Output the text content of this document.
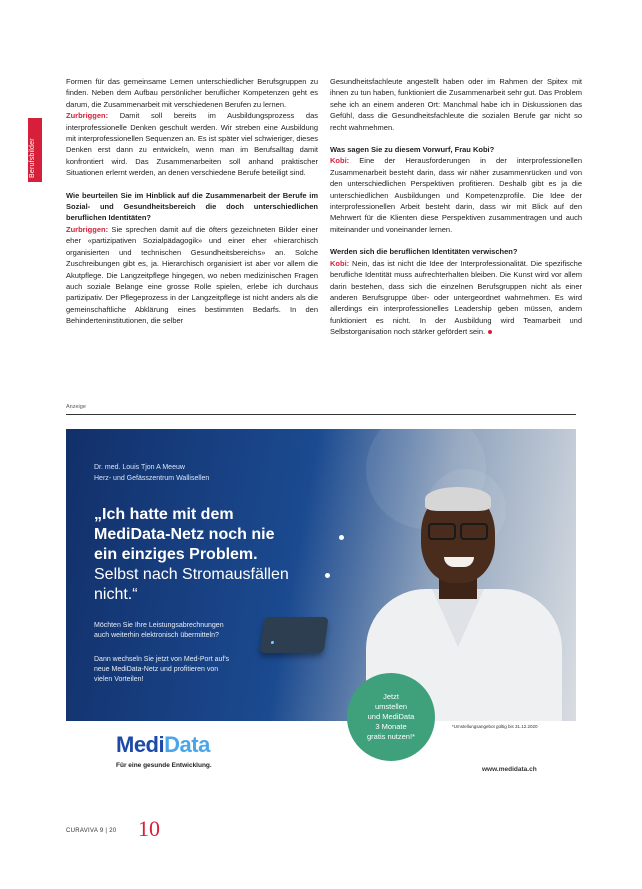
Berufsbilder

Formen für das gemeinsame Lernen unterschiedlicher Berufsgruppen zu finden. Neben dem Aufbau persönlicher beruflicher Kompetenzen geht es darum, die Zusammenarbeit mit verschiedenen Berufen zu lernen.

Zurbriggen: Damit soll bereits im Ausbildungsprozess das interprofessionelle Denken geschult werden. Wir streben eine Ausbildung mit interprofessionellen Sequenzen an. Es ist später viel schwieriger, dieses Denken erst dann zu entwickeln, wenn man im Berufsalltag damit konfrontiert wird. Das Zusammenarbeiten soll anhand praktischer Situationen erlernt werden, an denen verschiedene Berufe beteiligt sind.

Wie beurteilen Sie im Hinblick auf die Zusammenarbeit der Berufe im Sozial- und Gesundheitsbereich die doch unterschiedlichen beruflichen Identitäten?

Zurbriggen: Sie sprechen damit auf die öfters gezeichneten Bilder einer eher «partizipativen Sozialpädagogik» und einer eher «hierarchisch organisierten und technischen Gesundheitsbereichs» an. Solche Zuschreibungen gibt es, ja. Hierarchisch organisiert ist aber vor allem die Akutpflege. Die Langzeitpflege hingegen, wo neben medizinischen Fragen auch soziale Belange eine grosse Rolle spielen, erlebe ich durchaus partizipativ. Der Pflegeprozess in der Langzeitpflege ist nicht anders als die gemeinschaftliche Abklärung eines bestimmten Bedarfs. In den Behinderteninstitutionen, die selber

Gesundheitsfachleute angestellt haben oder im Rahmen der Spitex mit ihnen zu tun haben, funktioniert die Zusammenarbeit sehr gut. Das Problem sehe ich an einem anderen Ort: Manchmal habe ich in Diskussionen das Gefühl, dass die Gesundheitsfachleute die sozialen Berufe gar nicht so recht wahrnehmen.

Was sagen Sie zu diesem Vorwurf, Frau Kobi?

Kobi: Eine der Herausforderungen in der interprofessionellen Zusammenarbeit besteht darin, dass wir näher zusammenrücken und von den unterschiedlichen Perspektiven profitieren. Deshalb gibt es ja die unterschiedlichen Ausbildungen und Kompetenzprofile. Die Idee der interprofessionellen Arbeit besteht darin, dass wir mit Blick auf den Mehrwert für die Klienten diese Perspektiven zusammentragen und auch miteinander und voneinander lernen.

Werden sich die beruflichen Identitäten verwischen?

Kobi: Nein, das ist nicht die Idee der Interprofessionalität. Die spezifische berufliche Identität muss aufrechterhalten bleiben. Die Kunst wird vor allem darin bestehen, dass sich die einzelnen Berufsgruppen nicht als einer anderen Berufsgruppe über- oder untergeordnet wahrnehmen. Es wird allerdings ein interprofessionelles Leadership geben müssen, andern funktioniert es nicht. In der Ausbildung wird Teamarbeit und Selbstorganisation noch stärker gefördert sein.

Anzeige
Dr. med. Louis Tjon A Meeuw
Herz- und Gefässzentrum Wallisellen
„Ich hatte mit dem
MediData-Netz noch nie
ein einziges Problem.
Selbst nach Stromausfällen
nicht.“
Möchten Sie Ihre Leistungsabrechnungen
auch weiterhin elektronisch übermitteln?
Dann wechseln Sie jetzt von Med-Port auf's
neue MediData-Netz und profitieren von
vielen Vorteilen!
Jetzt
umstellen
und MediData
3 Monate
gratis nutzen!*
*Umstellungsangebot gültig bis 31.12.2020
MediData
Für eine gesunde Entwicklung.
www.medidata.ch
CURAVIVA 9 | 20 10
